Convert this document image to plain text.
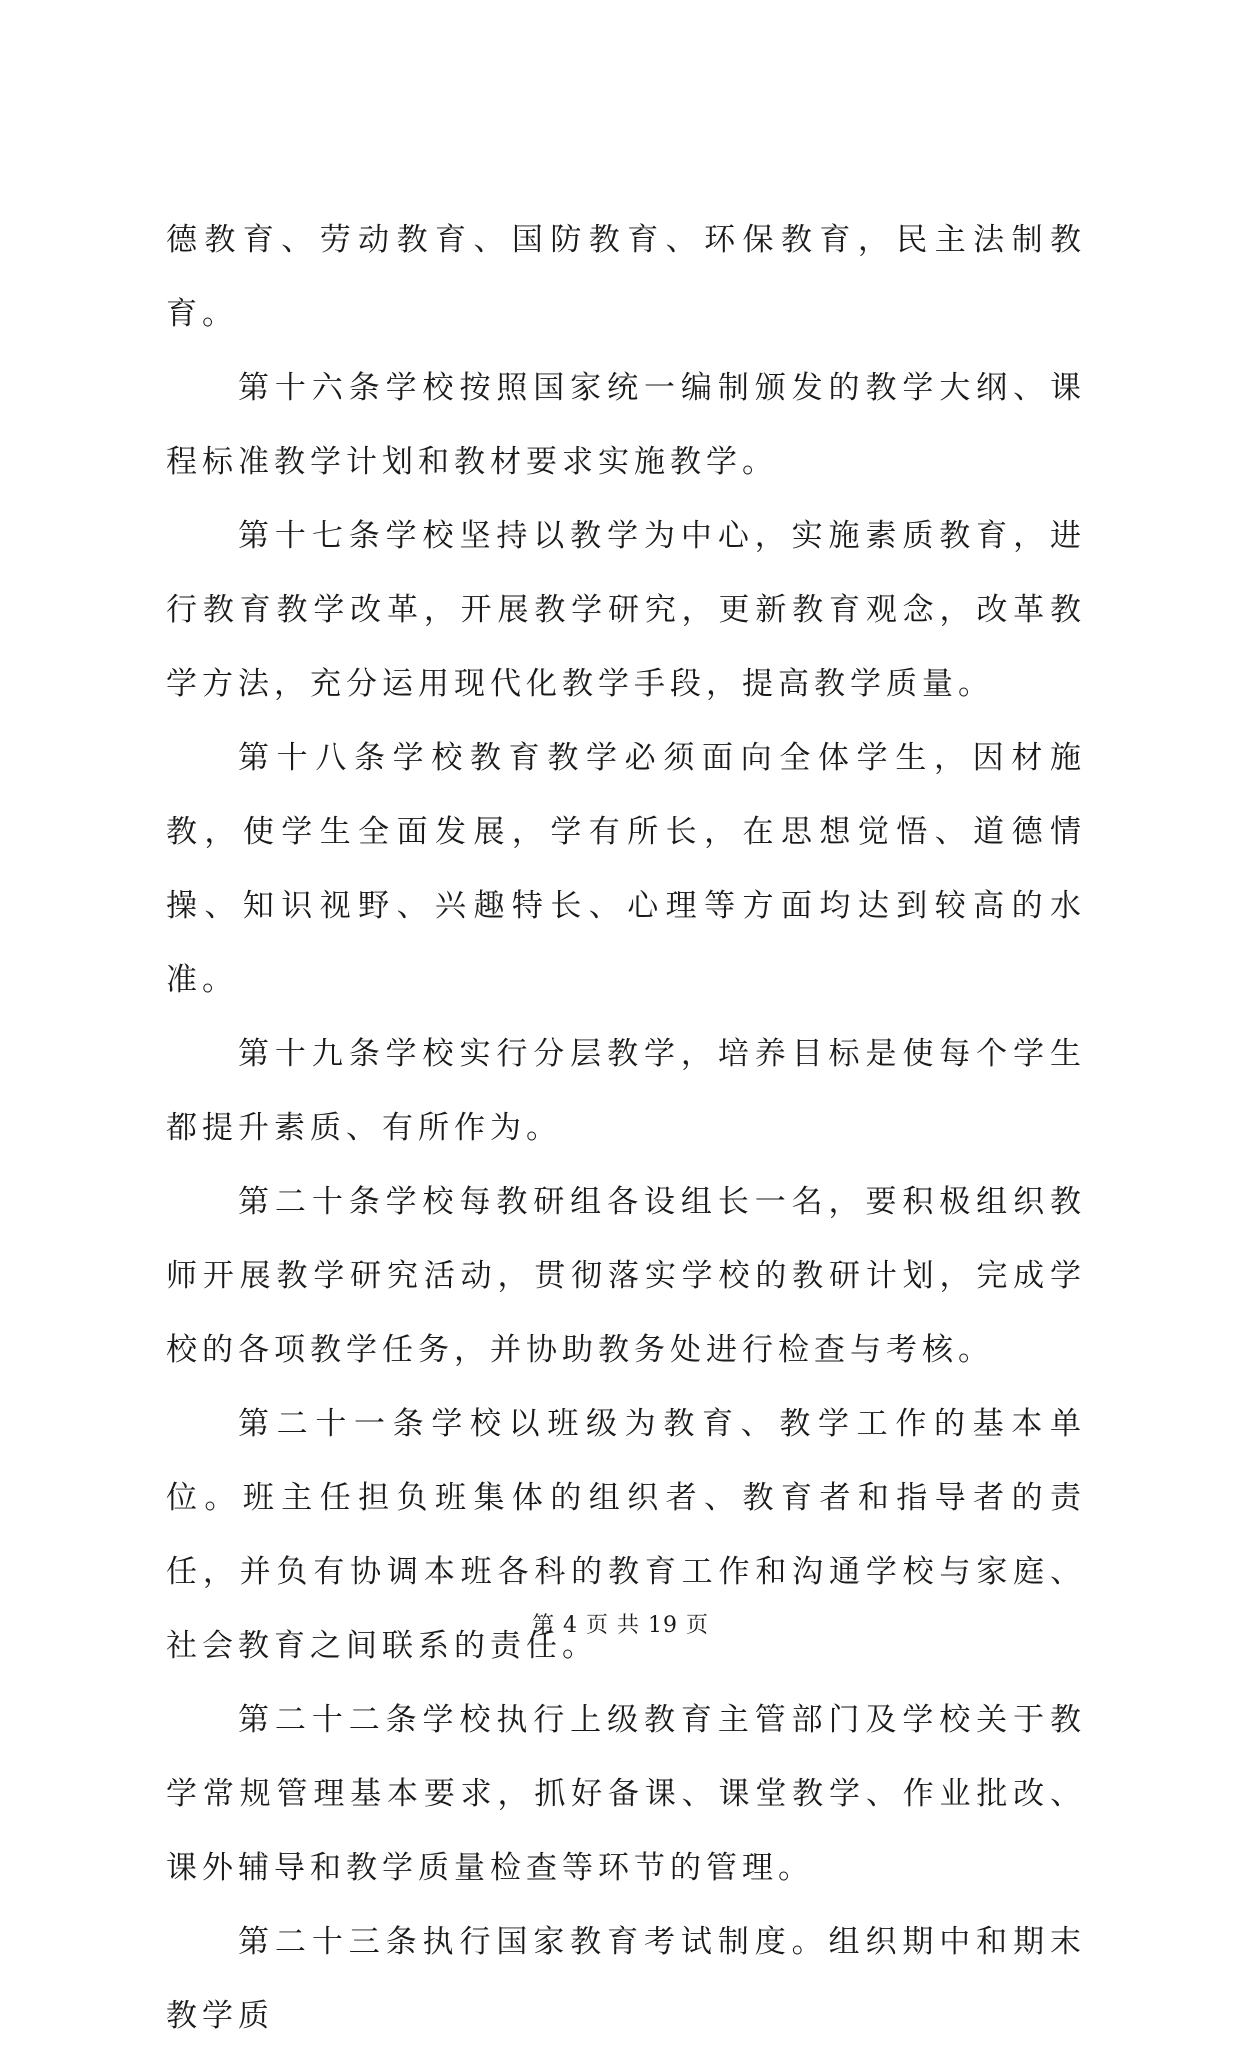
德教育、劳动教育、国防教育、环保教育，民主法制教育。

第十六条学校按照国家统一编制颁发的教学大纲、课程标准教学计划和教材要求实施教学。

第十七条学校坚持以教学为中心，实施素质教育，进行教育教学改革，开展教学研究，更新教育观念，改革教学方法，充分运用现代化教学手段，提高教学质量。

第十八条学校教育教学必须面向全体学生，因材施教，使学生全面发展，学有所长，在思想觉悟、道德情操、知识视野、兴趣特长、心理等方面均达到较高的水准。

第十九条学校实行分层教学，培养目标是使每个学生都提升素质、有所作为。

第二十条学校每教研组各设组长一名，要积极组织教师开展教学研究活动，贯彻落实学校的教研计划，完成学校的各项教学任务，并协助教务处进行检查与考核。

第二十一条学校以班级为教育、教学工作的基本单位。班主任担负班集体的组织者、教育者和指导者的责任，并负有协调本班各科的教育工作和沟通学校与家庭、社会教育之间联系的责任。

第二十二条学校执行上级教育主管部门及学校关于教学常规管理基本要求，抓好备课、课堂教学、作业批改、课外辅导和教学质量检查等环节的管理。

第二十三条执行国家教育考试制度。组织期中和期末教学质

第 4 页 共 19 页
